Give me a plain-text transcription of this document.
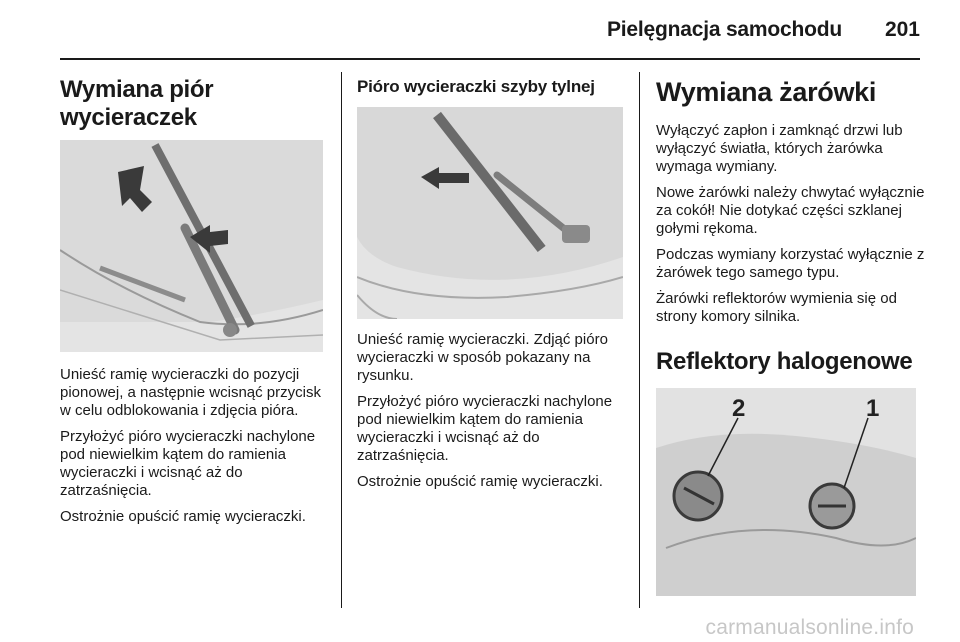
Pielęgnacja samochodu 201
Wymiana piór wycieraczek

Unieść ramię wycieraczki do pozycji pionowej, a następnie wcisnąć przycisk w celu odblokowania i zdjęcia pióra.

Przyłożyć pióro wycieraczki nachylone pod niewielkim kątem do ramienia wycieraczki i wcisnąć aż do zatrzaśnięcia.

Ostrożnie opuścić ramię wycieraczki.

Pióro wycieraczki szyby tylnej

Unieść ramię wycieraczki. Zdjąć pióro wycieraczki w sposób pokazany na rysunku.

Przyłożyć pióro wycieraczki nachylone pod niewielkim kątem do ramienia wycieraczki i wcisnąć aż do zatrzaśnięcia.

Ostrożnie opuścić ramię wycieraczki.

Wymiana żarówki

Wyłączyć zapłon i zamknąć drzwi lub wyłączyć światła, których żarówka wymaga wymiany.

Nowe żarówki należy chwytać wyłącznie za cokół! Nie dotykać części szklanej gołymi rękoma.

Podczas wymiany korzystać wyłącznie z żarówek tego samego typu.

Żarówki reflektorów wymienia się od strony komory silnika.

Reflektory halogenowe
2	1
carmanualsonline.info
